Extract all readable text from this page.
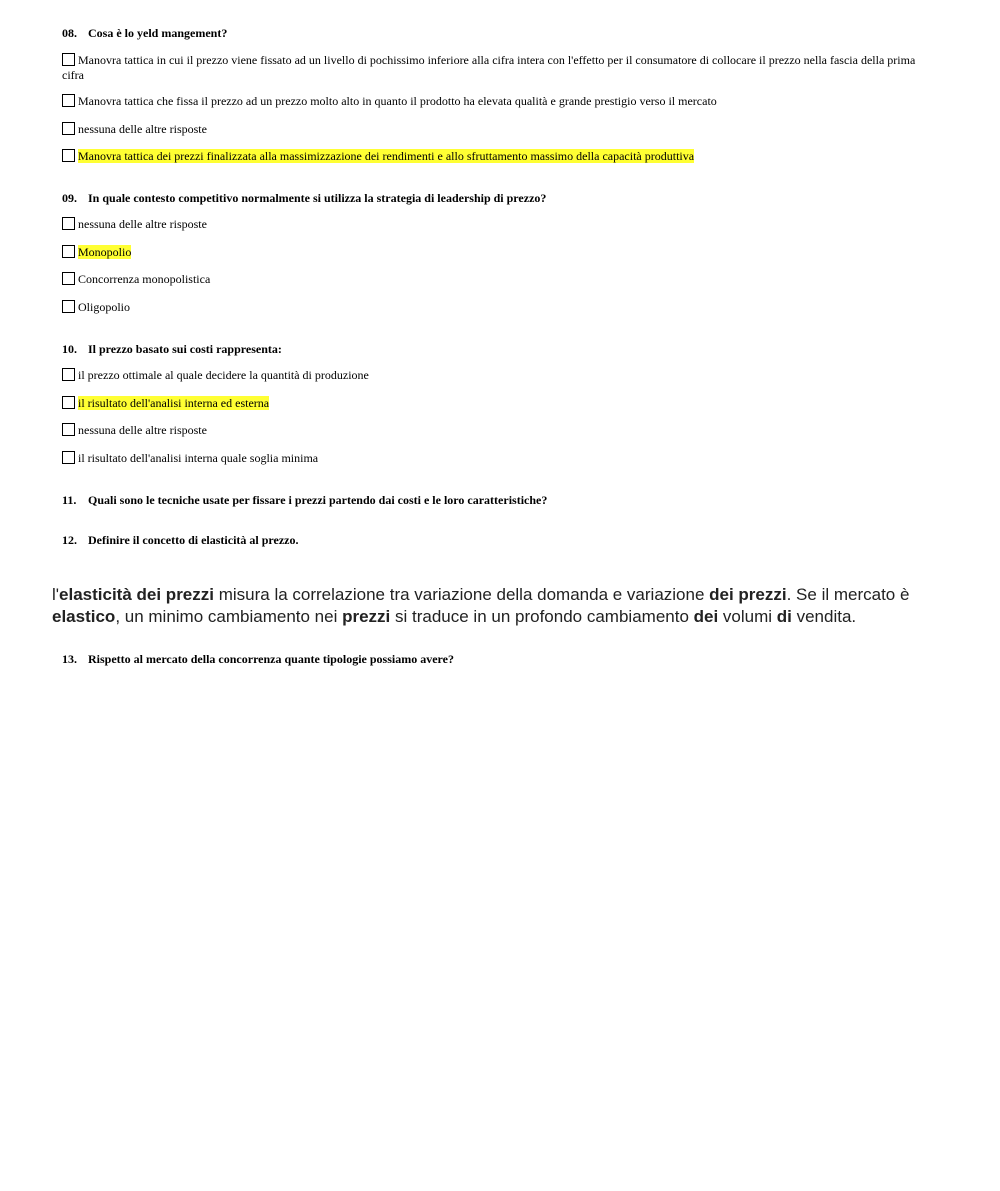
08. Cosa è lo yeld mangement?
Manovra tattica in cui il prezzo viene fissato ad un livello di pochissimo inferiore alla cifra intera con l'effetto per il consumatore di collocare il prezzo nella fascia della prima cifra
Manovra tattica che fissa il prezzo ad un prezzo molto alto in quanto il prodotto ha elevata qualità e grande prestigio verso il mercato
nessuna delle altre risposte
Manovra tattica dei prezzi finalizzata alla massimizzazione dei rendimenti e allo sfruttamento massimo della capacità produttiva
09. In quale contesto competitivo normalmente si utilizza la strategia di leadership di prezzo?
nessuna delle altre risposte
Monopolio
Concorrenza monopolistica
Oligopolio
10. Il prezzo basato sui costi rappresenta:
il prezzo ottimale al quale decidere la quantità di produzione
il risultato dell'analisi interna ed esterna
nessuna delle altre risposte
il risultato dell'analisi interna quale soglia minima
11. Quali sono le tecniche usate per fissare i prezzi partendo dai costi e le loro caratteristiche?
12. Definire il concetto di elasticità al prezzo.
l'elasticità dei prezzi misura la correlazione tra variazione della domanda e variazione dei prezzi. Se il mercato è elastico, un minimo cambiamento nei prezzi si traduce in un profondo cambiamento dei volumi di vendita.
13. Rispetto al mercato della concorrenza quante tipologie possiamo avere?
